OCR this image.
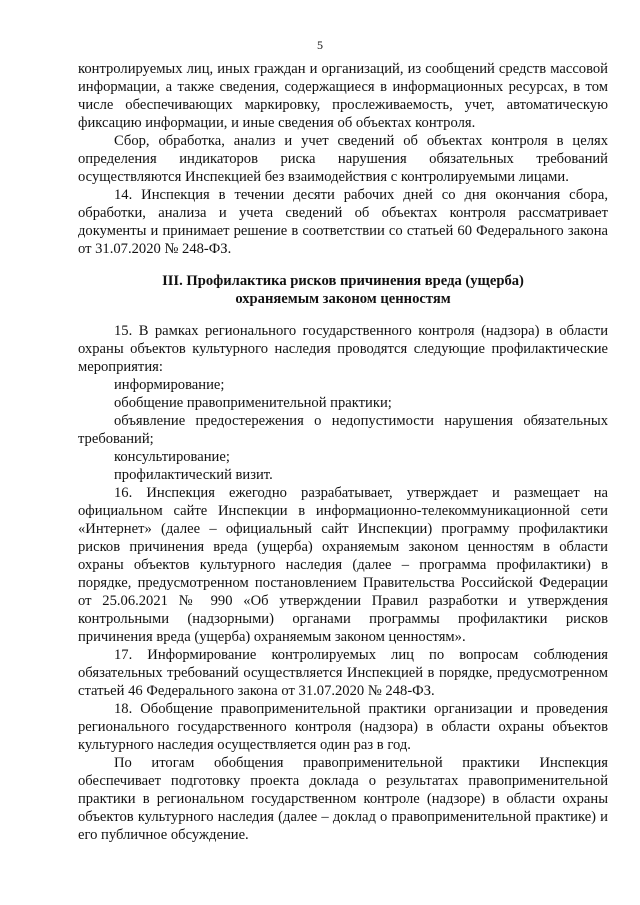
5

контролируемых лиц, иных граждан и организаций, из сообщений средств массовой информации, а также сведения, содержащиеся в информационных ресурсах, в том числе обеспечивающих маркировку, прослеживаемость, учет, автоматическую фиксацию информации, и иные сведения об объектах контроля.

Сбор, обработка, анализ и учет сведений об объектах контроля в целях определения индикаторов риска нарушения обязательных требований осуществляются Инспекцией без взаимодействия с контролируемыми лицами.

14. Инспекция в течении десяти рабочих дней со дня окончания сбора, обработки, анализа и учета сведений об объектах контроля рассматривает документы и принимает решение в соответствии со статьей 60 Федерального закона от 31.07.2020 № 248-ФЗ.

III. Профилактика рисков причинения вреда (ущерба)
охраняемым законом ценностям

15. В рамках регионального государственного контроля (надзора) в области охраны объектов культурного наследия проводятся следующие профилактические мероприятия:

информирование;

обобщение правоприменительной практики;

объявление предостережения о недопустимости нарушения обязательных требований;

консультирование;

профилактический визит.

16. Инспекция ежегодно разрабатывает, утверждает и размещает на официальном сайте Инспекции в информационно-телекоммуникационной сети «Интернет» (далее – официальный сайт Инспекции) программу профилактики рисков причинения вреда (ущерба) охраняемым законом ценностям в области охраны объектов культурного наследия (далее – программа профилактики) в порядке, предусмотренном постановлением Правительства Российской Федерации от 25.06.2021 № 990 «Об утверждении Правил разработки и утверждения контрольными (надзорными) органами программы профилактики рисков причинения вреда (ущерба) охраняемым законом ценностям».

17. Информирование контролируемых лиц по вопросам соблюдения обязательных требований осуществляется Инспекцией в порядке, предусмотренном статьей 46 Федерального закона от 31.07.2020 № 248-ФЗ.

18. Обобщение правоприменительной практики организации и проведения регионального государственного контроля (надзора) в области охраны объектов культурного наследия осуществляется один раз в год.

По итогам обобщения правоприменительной практики Инспекция обеспечивает подготовку проекта доклада о результатах правоприменительной практики в региональном государственном контроле (надзоре) в области охраны объектов культурного наследия (далее – доклад о правоприменительной практике) и его публичное обсуждение.
